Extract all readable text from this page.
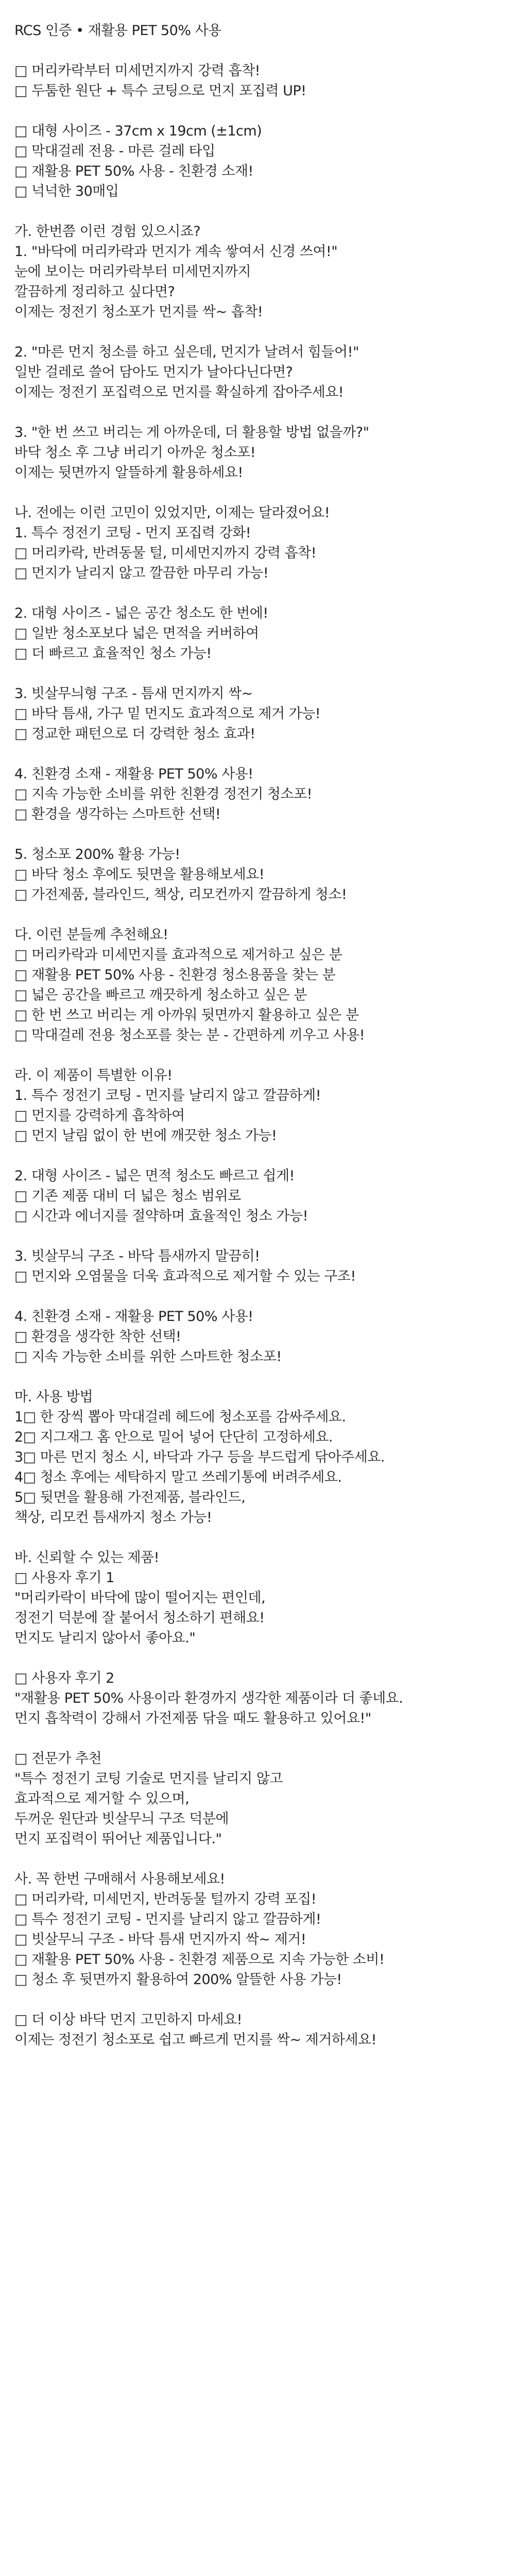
RCS 인증 • 재활용 PET 50% 사용
□ 머리카락부터 미세먼지까지 강력 흡착!
□ 두툼한 원단 + 특수 코팅으로 먼지 포집력 UP!
□ 대형 사이즈 - 37cm x 19cm (±1cm)
□ 막대걸레 전용 - 마른 걸레 타입
□ 재활용 PET 50% 사용 - 친환경 소재!
□ 넉넉한 30매입
가. 한번쯤 이런 경험 있으시죠?
1. "바닥에 머리카락과 먼지가 계속 쌓여서 신경 쓰여!"
눈에 보이는 머리카락부터 미세먼지까지
깔끔하게 정리하고 싶다면?
이제는 정전기 청소포가 먼지를 싹~ 흡착!
2. "마른 먼지 청소를 하고 싶은데, 먼지가 날려서 힘들어!"
일반 걸레로 쓸어 담아도 먼지가 날아다닌다면?
이제는 정전기 포집력으로 먼지를 확실하게 잡아주세요!
3. "한 번 쓰고 버리는 게 아까운데, 더 활용할 방법 없을까?"
바닥 청소 후 그냥 버리기 아까운 청소포!
이제는 뒷면까지 알뜰하게 활용하세요!
나. 전에는 이런 고민이 있었지만, 이제는 달라졌어요!
1. 특수 정전기 코팅 - 먼지 포집력 강화!
□ 머리카락, 반려동물 털, 미세먼지까지 강력 흡착!
□ 먼지가 날리지 않고 깔끔한 마무리 가능!
2. 대형 사이즈 - 넓은 공간 청소도 한 번에!
□ 일반 청소포보다 넓은 면적을 커버하여
□ 더 빠르고 효율적인 청소 가능!
3. 빗살무늬형 구조 - 틈새 먼지까지 싹~
□ 바닥 틈새, 가구 밑 먼지도 효과적으로 제거 가능!
□ 정교한 패턴으로 더 강력한 청소 효과!
4. 친환경 소재 - 재활용 PET 50% 사용!
□ 지속 가능한 소비를 위한 친환경 정전기 청소포!
□ 환경을 생각하는 스마트한 선택!
5. 청소포 200% 활용 가능!
□ 바닥 청소 후에도 뒷면을 활용해보세요!
□ 가전제품, 블라인드, 책상, 리모컨까지 깔끔하게 청소!
다. 이런 분들께 추천해요!
□ 머리카락과 미세먼지를 효과적으로 제거하고 싶은 분
□ 재활용 PET 50% 사용 - 친환경 청소용품을 찾는 분
□ 넓은 공간을 빠르고 깨끗하게 청소하고 싶은 분
□ 한 번 쓰고 버리는 게 아까워 뒷면까지 활용하고 싶은 분
□ 막대걸레 전용 청소포를 찾는 분 - 간편하게 끼우고 사용!
라. 이 제품이 특별한 이유!
1. 특수 정전기 코팅 - 먼지를 날리지 않고 깔끔하게!
□ 먼지를 강력하게 흡착하여
□ 먼지 날림 없이 한 번에 깨끗한 청소 가능!
2. 대형 사이즈 - 넓은 면적 청소도 빠르고 쉽게!
□ 기존 제품 대비 더 넓은 청소 범위로
□ 시간과 에너지를 절약하며 효율적인 청소 가능!
3. 빗살무늬 구조 - 바닥 틈새까지 말끔히!
□ 먼지와 오염물을 더욱 효과적으로 제거할 수 있는 구조!
4. 친환경 소재 - 재활용 PET 50% 사용!
□ 환경을 생각한 착한 선택!
□ 지속 가능한 소비를 위한 스마트한 청소포!
마. 사용 방법
1□ 한 장씩 뽑아 막대걸레 헤드에 청소포를 감싸주세요.
2□ 지그재그 홈 안으로 밀어 넣어 단단히 고정하세요.
3□ 마른 먼지 청소 시, 바닥과 가구 등을 부드럽게 닦아주세요.
4□ 청소 후에는 세탁하지 말고 쓰레기통에 버려주세요.
5□ 뒷면을 활용해 가전제품, 블라인드,
책상, 리모컨 틈새까지 청소 가능!
바. 신뢰할 수 있는 제품!
□ 사용자 후기 1
"머리카락이 바닥에 많이 떨어지는 편인데,
정전기 덕분에 잘 붙어서 청소하기 편해요!
먼지도 날리지 않아서 좋아요."
□ 사용자 후기 2
"재활용 PET 50% 사용이라 환경까지 생각한 제품이라 더 좋네요.
먼지 흡착력이 강해서 가전제품 닦을 때도 활용하고 있어요!"
□ 전문가 추천
"특수 정전기 코팅 기술로 먼지를 날리지 않고
효과적으로 제거할 수 있으며,
두꺼운 원단과 빗살무늬 구조 덕분에
먼지 포집력이 뛰어난 제품입니다."
사. 꼭 한번 구매해서 사용해보세요!
□ 머리카락, 미세먼지, 반려동물 털까지 강력 포집!
□ 특수 정전기 코팅 - 먼지를 날리지 않고 깔끔하게!
□ 빗살무늬 구조 - 바닥 틈새 먼지까지 싹~ 제거!
□ 재활용 PET 50% 사용 - 친환경 제품으로 지속 가능한 소비!
□ 청소 후 뒷면까지 활용하여 200% 알뜰한 사용 가능!
□ 더 이상 바닥 먼지 고민하지 마세요!
이제는 정전기 청소포로 쉽고 빠르게 먼지를 싹~ 제거하세요!
